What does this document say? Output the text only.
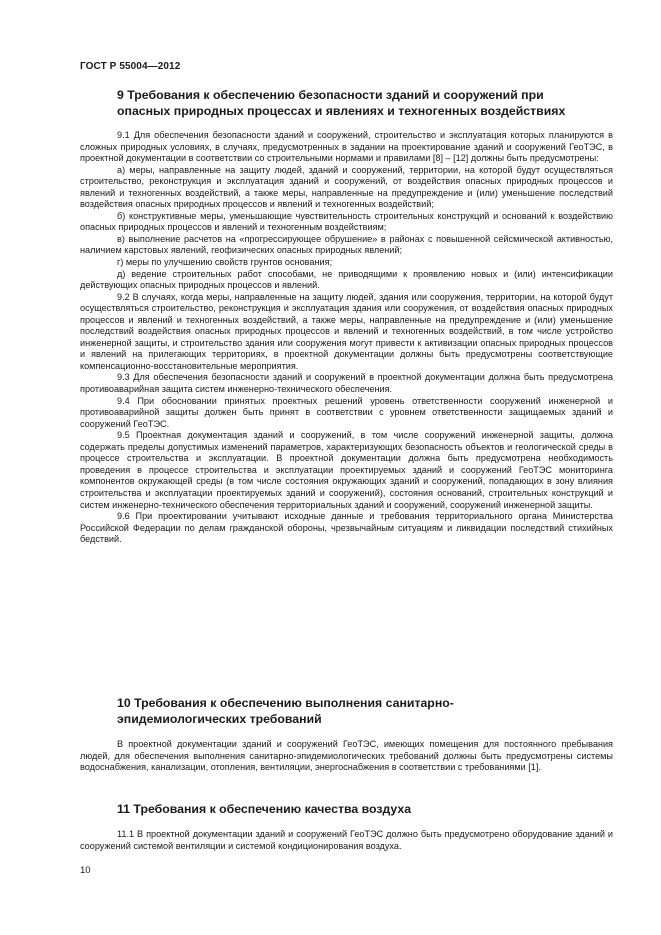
ГОСТ Р 55004—2012
9 Требования к обеспечению безопасности зданий и сооружений при
опасных природных процессах и явлениях и техногенных воздействиях

9.1 Для обеспечения безопасности зданий и сооружений, строительство и эксплуатация которых планируются в сложных природных условиях, в случаях, предусмотренных в задании на проектирование зданий и сооружений ГеоТЭС, в проектной документации в соответствии со строительными нормами и правилами [8] – [12] должны быть предусмотрены:

а) меры, направленные на защиту людей, зданий и сооружений, территории, на которой будут осуществляться строительство, реконструкция и эксплуатация зданий и сооружений, от воздействия опасных природных процессов и явлений и техногенных воздействий, а также меры, направленные на предупреждение и (или) уменьшение последствий воздействия опасных природных процессов и явлений и техногенных воздействий;

б) конструктивные меры, уменьшающие чувствительность строительных конструкций и оснований к воздействию опасных природных процессов и явлений и техногенным воздействиям;

в) выполнение расчетов на «прогрессирующее обрушение» в районах с повышенной сейсмической активностью, наличием карстовых явлений, геофизических опасных природных явлений;

г) меры по улучшению свойств грунтов основания;

д) ведение строительных работ способами, не приводящими к проявлению новых и (или) интенсификации действующих опасных природных процессов и явлений.

9.2 В случаях, когда меры, направленные на защиту людей, здания или сооружения, территории, на которой будут осуществляться строительство, реконструкция и эксплуатация здания или сооружения, от воздействия опасных природных процессов и явлений и техногенных воздействий, а также меры, направленные на предупреждение и (или) уменьшение последствий воздействия опасных природных процессов и явлений и техногенных воздействий, в том числе устройство инженерной защиты, и строительство здания или сооружения могут привести к активизации опасных природных процессов и явлений на прилегающих территориях, в проектной документации должны быть предусмотрены соответствующие компенсационно-восстановительные мероприятия.

9.3 Для обеспечения безопасности зданий и сооружений в проектной документации должна быть предусмотрена противоаварийная защита систем инженерно-технического обеспечения.

9.4 При обосновании принятых проектных решений уровень ответственности сооружений инженерной и противоаварийной защиты должен быть принят в соответствии с уровнем ответственности защищаемых зданий и сооружений ГеоТЭС.

9.5 Проектная документация зданий и сооружений, в том числе сооружений инженерной защиты, должна содержать пределы допустимых изменений параметров, характеризующих безопасность объектов и геологической среды в процессе строительства и эксплуатации. В проектной документации должна быть предусмотрена необходимость проведения в процессе строительства и эксплуатации проектируемых зданий и сооружений ГеоТЭС мониторинга компонентов окружающей среды (в том числе состояния окружающих зданий и сооружений, попадающих в зону влияния строительства и эксплуатации проектируемых зданий и сооружений), состояния оснований, строительных конструкций и систем инженерно-технического обеспечения территориальных зданий и сооружений, сооружений инженерной защиты.

9.6 При проектировании учитывают исходные данные и требования территориального органа Министерства Российской Федерации по делам гражданской обороны, чрезвычайным ситуациям и ликвидации последствий стихийных бедствий.

10 Требования к обеспечению выполнения санитарно-
эпидемиологических требований

В проектной документации зданий и сооружений ГеоТЭС, имеющих помещения для постоянного пребывания людей, для обеспечения выполнения санитарно-эпидемиологических требований должны быть предусмотрены системы водоснабжения, канализации, отопления, вентиляции, энергоснабжения в соответствии с требованиями [1].

11 Требования к обеспечению качества воздуха

11.1 В проектной документации зданий и сооружений ГеоТЭС должно быть предусмотрено оборудование зданий и сооружений системой вентиляции и системой кондиционирования воздуха.

10
